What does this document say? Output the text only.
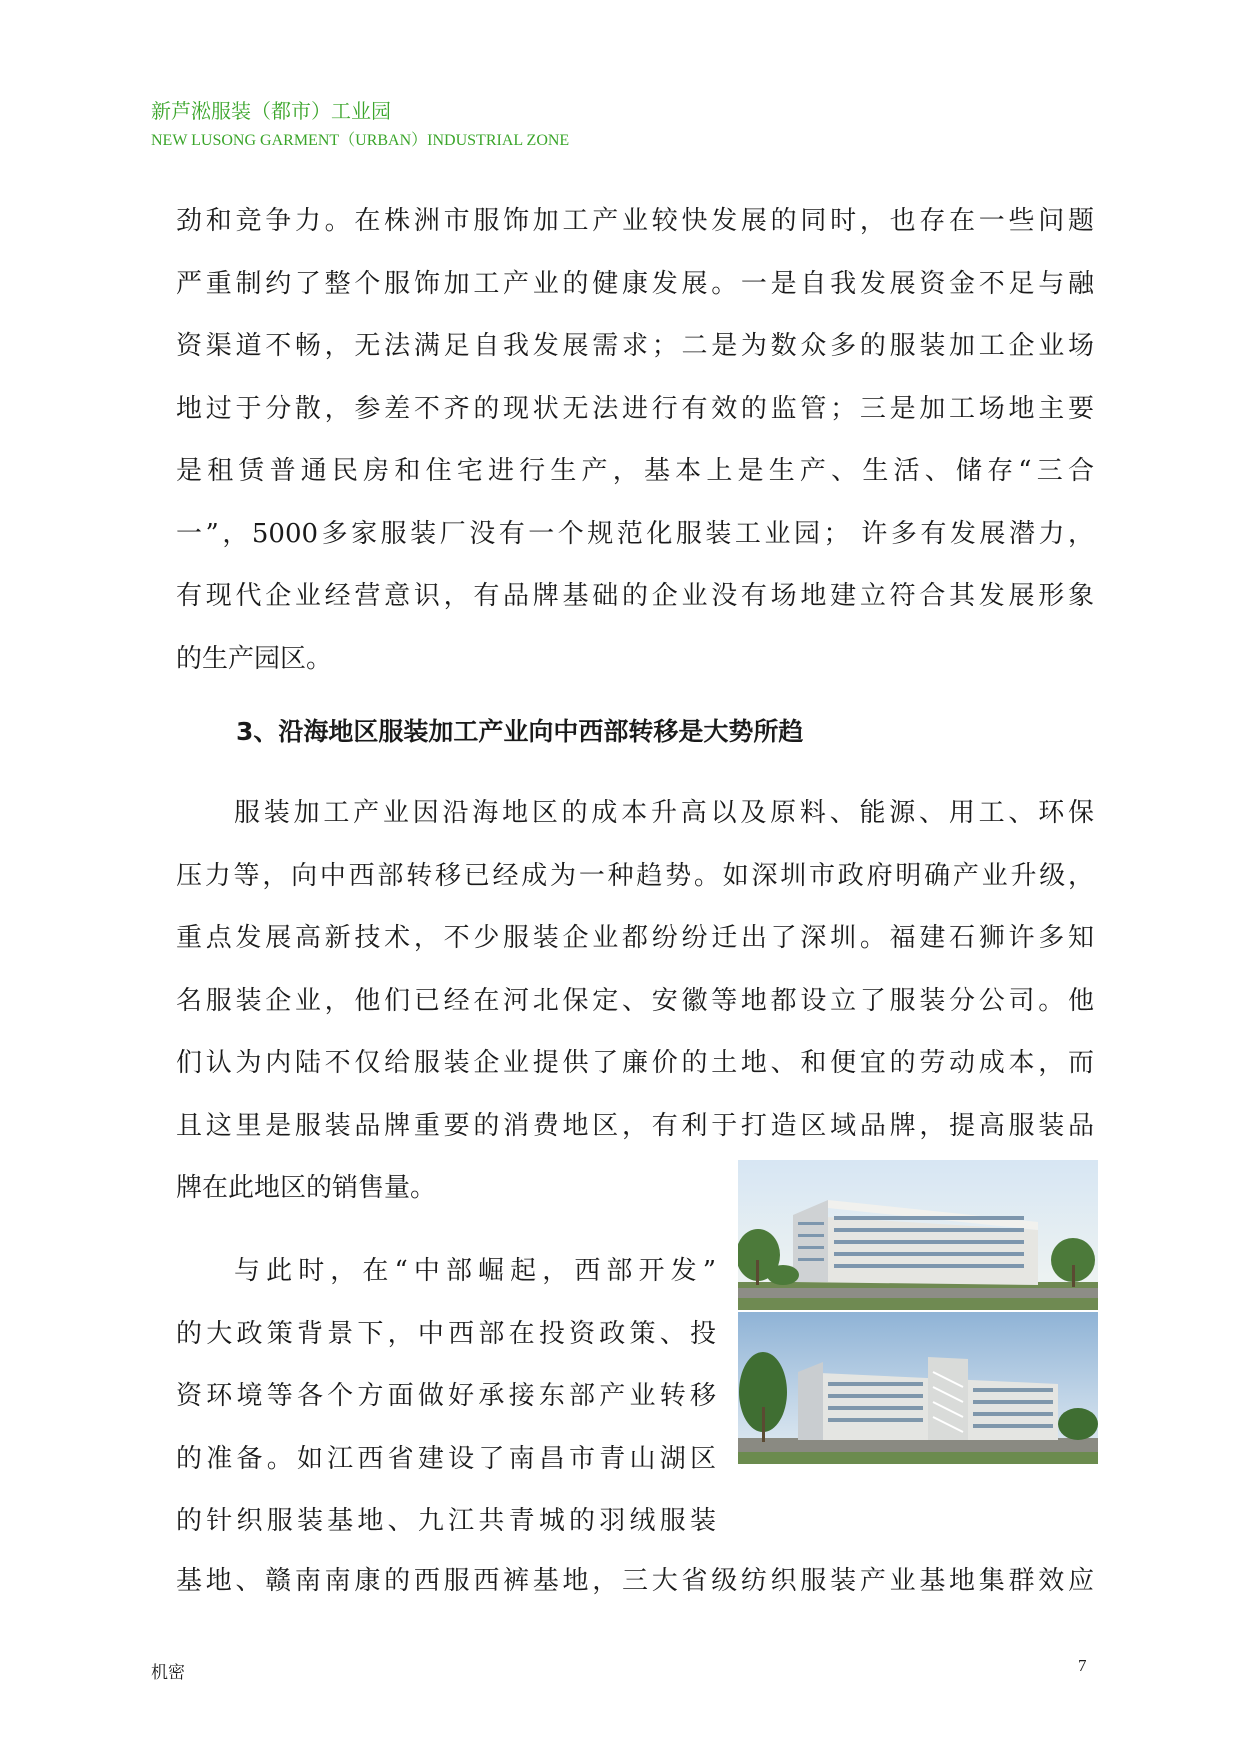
新芦淞服装（都市）工业园
NEW LUSONG GARMENT（URBAN）INDUSTRIAL ZONE
劲和竞争力。在株洲市服饰加工产业较快发展的同时，也存在一些问题
严重制约了整个服饰加工产业的健康发展。一是自我发展资金不足与融
资渠道不畅，无法满足自我发展需求；二是为数众多的服装加工企业场
地过于分散，参差不齐的现状无法进行有效的监管；三是加工场地主要
是租赁普通民房和住宅进行生产，基本上是生产、生活、储存“三合
一”，5000多家服装厂没有一个规范化服装工业园； 许多有发展潜力，
有现代企业经营意识，有品牌基础的企业没有场地建立符合其发展形象
的生产园区。
3、沿海地区服装加工产业向中西部转移是大势所趋
服装加工产业因沿海地区的成本升高以及原料、能源、用工、环保
压力等，向中西部转移已经成为一种趋势。如深圳市政府明确产业升级，
重点发展高新技术，不少服装企业都纷纷迁出了深圳。福建石狮许多知
名服装企业，他们已经在河北保定、安徽等地都设立了服装分公司。他
们认为内陆不仅给服装企业提供了廉价的土地、和便宜的劳动成本，而
且这里是服装品牌重要的消费地区，有利于打造区域品牌，提高服装品
牌在此地区的销售量。
与此时，在“中部崛起，西部开发”
的大政策背景下，中西部在投资政策、投
资环境等各个方面做好承接东部产业转移
的准备。如江西省建设了南昌市青山湖区
的针织服装基地、九江共青城的羽绒服装
基地、赣南南康的西服西裤基地，三大省级纺织服装产业基地集群效应
机密	7
